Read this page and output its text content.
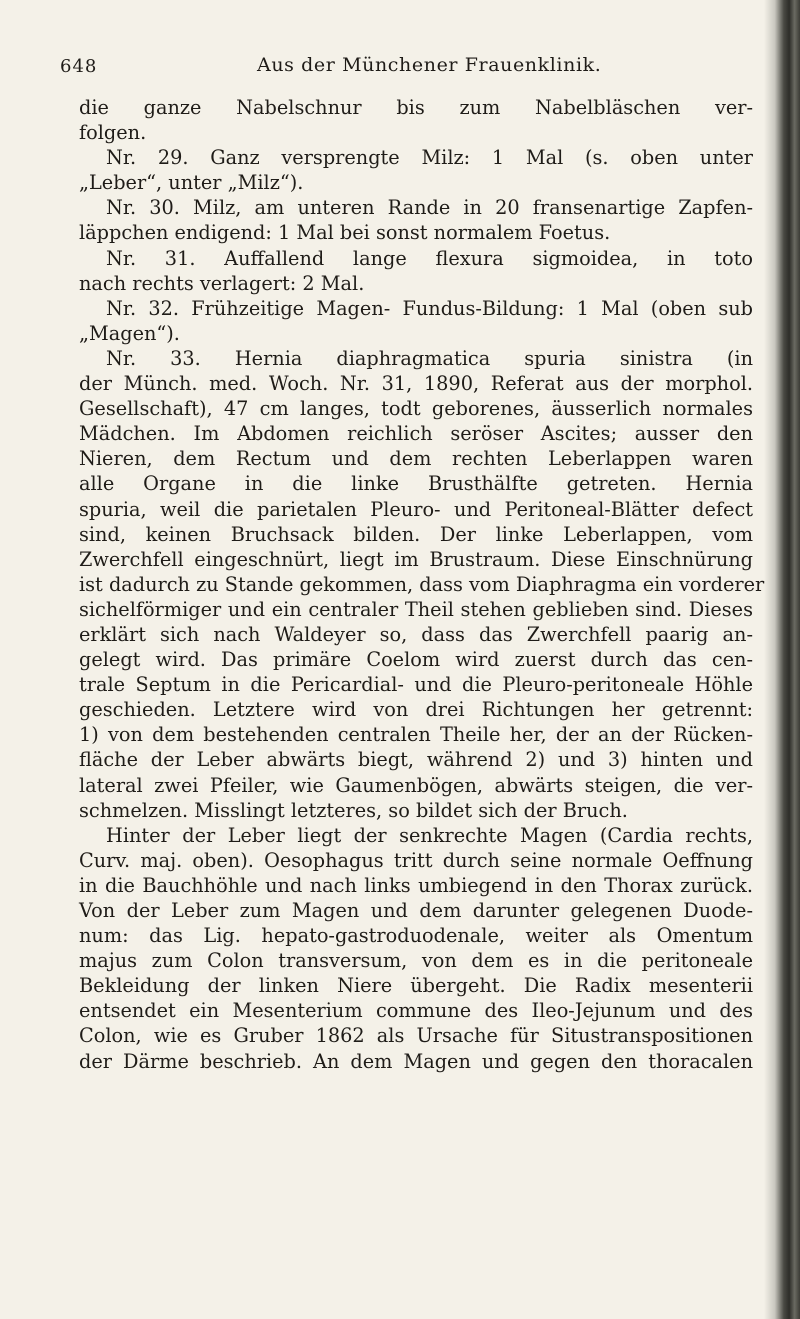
648	Aus der Münchener Frauenklinik.
die ganze Nabelschnur bis zum Nabelbläschen ver-
folgen.
Nr. 29. Ganz versprengte Milz: 1 Mal (s. oben unter
„Leber“, unter „Milz“).
Nr. 30. Milz, am unteren Rande in 20 fransenartige Zapfen-
läppchen endigend: 1 Mal bei sonst normalem Foetus.
Nr. 31. Auffallend lange flexura sigmoidea, in toto
nach rechts verlagert: 2 Mal.
Nr. 32. Frühzeitige Magen- Fundus-Bildung: 1 Mal (oben sub
„Magen“).
Nr. 33. Hernia diaphragmatica spuria sinistra (in
der Münch. med. Woch. Nr. 31, 1890, Referat aus der morphol.
Gesellschaft), 47 cm langes, todt geborenes, äusserlich normales
Mädchen. Im Abdomen reichlich seröser Ascites; ausser den
Nieren, dem Rectum und dem rechten Leberlappen waren
alle Organe in die linke Brusthälfte getreten. Hernia
spuria, weil die parietalen Pleuro- und Peritoneal-Blätter defect
sind, keinen Bruchsack bilden. Der linke Leberlappen, vom
Zwerchfell eingeschnürt, liegt im Brustraum. Diese Einschnürung
ist dadurch zu Stande gekommen, dass vom Diaphragma ein vorderer
sichelförmiger und ein centraler Theil stehen geblieben sind. Dieses
erklärt sich nach Waldeyer so, dass das Zwerchfell paarig an-
gelegt wird. Das primäre Coelom wird zuerst durch das cen-
trale Septum in die Pericardial- und die Pleuro-peritoneale Höhle
geschieden. Letztere wird von drei Richtungen her getrennt:
1) von dem bestehenden centralen Theile her, der an der Rücken-
fläche der Leber abwärts biegt, während 2) und 3) hinten und
lateral zwei Pfeiler, wie Gaumenbögen, abwärts steigen, die ver-
schmelzen. Misslingt letzteres, so bildet sich der Bruch.
Hinter der Leber liegt der senkrechte Magen (Cardia rechts,
Curv. maj. oben). Oesophagus tritt durch seine normale Oeffnung
in die Bauchhöhle und nach links umbiegend in den Thorax zurück.
Von der Leber zum Magen und dem darunter gelegenen Duode-
num: das Lig. hepato-gastroduodenale, weiter als Omentum
majus zum Colon transversum, von dem es in die peritoneale
Bekleidung der linken Niere übergeht. Die Radix mesenterii
entsendet ein Mesenterium commune des Ileo-Jejunum und des
Colon, wie es Gruber 1862 als Ursache für Situstranspositionen
der Därme beschrieb. An dem Magen und gegen den thoracalen
